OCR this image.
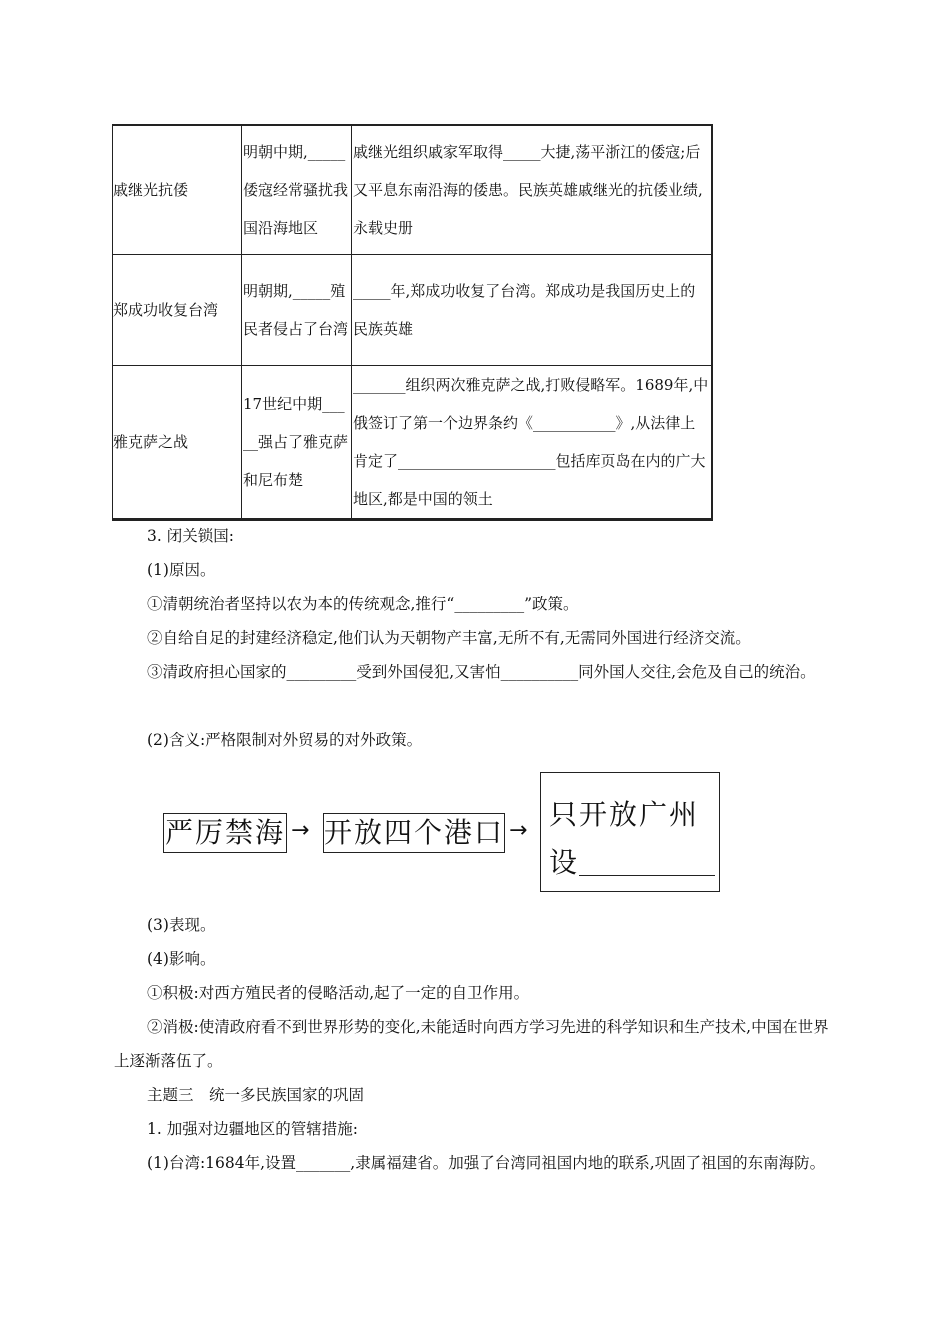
戚继光抗倭	明朝中期,_____倭寇经常骚扰我国沿海地区	戚继光组织戚家军取得_____大捷,荡平浙江的倭寇;后又平息东南沿海的倭患。民族英雄戚继光的抗倭业绩,永载史册
郑成功收复台湾	明朝期,_____殖民者侵占了台湾	_____年,郑成功收复了台湾。郑成功是我国历史上的民族英雄
雅克萨之战	17世纪中期_____强占了雅克萨和尼布楚	_______组织两次雅克萨之战,打败侵略军。1689年,中俄签订了第一个边界条约《___________》,从法律上肯定了_____________________包括库页岛在内的广大地区,都是中国的领土
3. 闭关锁国:
(1)原因。
①清朝统治者坚持以农为本的传统观念,推行“_________”政策。
②自给自足的封建经济稳定,他们认为天朝物产丰富,无所不有,无需同外国进行经济交流。
③清政府担心国家的_________受到外国侵犯,又害怕__________同外国人交往,会危及自己的统治。
(2)含义:严格限制对外贸易的对外政策。
严厉禁海 → 开放四个港口 → 只开放广州
设
(3)表现。
(4)影响。
①积极:对西方殖民者的侵略活动,起了一定的自卫作用。
②消极:使清政府看不到世界形势的变化,未能适时向西方学习先进的科学知识和生产技术,中国在世界上逐渐落伍了。
主题三　统一多民族国家的巩固
1. 加强对边疆地区的管辖措施:
(1)台湾:1684年,设置_______,隶属福建省。加强了台湾同祖国内地的联系,巩固了祖国的东南海防。
